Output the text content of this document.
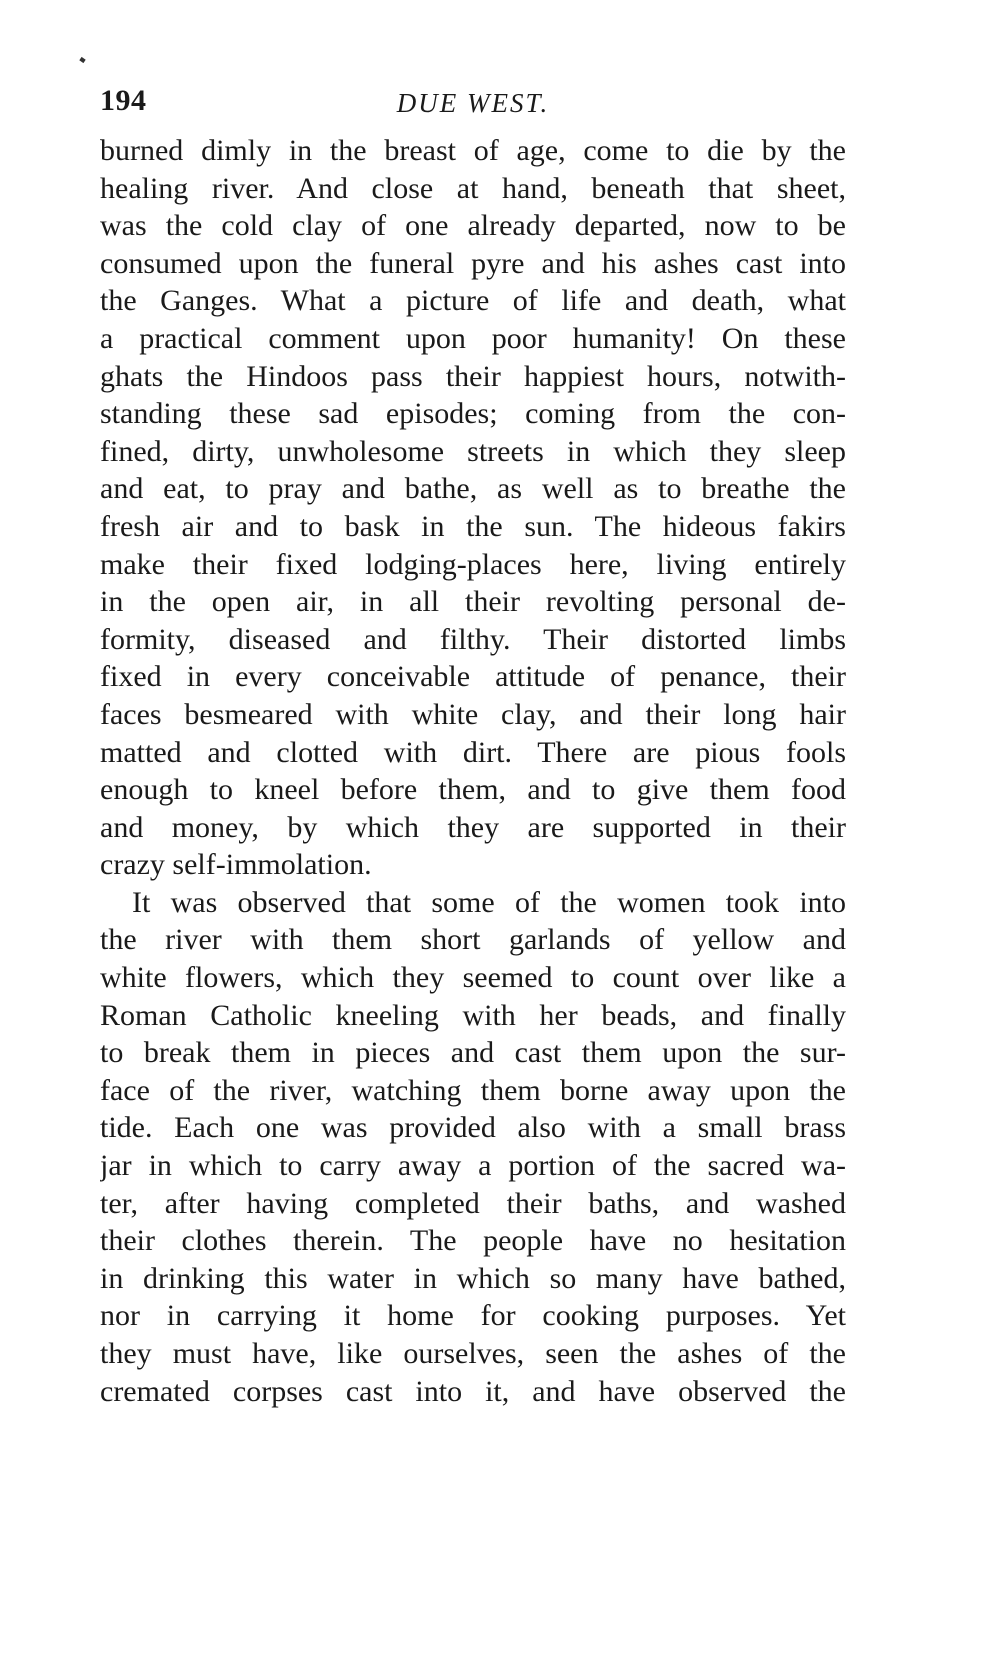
194	DUE WEST.
burned dimly in the breast of age, come to die by the
healing river. And close at hand, beneath that sheet,
was the cold clay of one already departed, now to be
consumed upon the funeral pyre and his ashes cast into
the Ganges. What a picture of life and death, what
a practical comment upon poor humanity! On these
ghats the Hindoos pass their happiest hours, notwith-
standing these sad episodes; coming from the con-
fined, dirty, unwholesome streets in which they sleep
and eat, to pray and bathe, as well as to breathe the
fresh air and to bask in the sun. The hideous fakirs
make their fixed lodging-places here, living entirely
in the open air, in all their revolting personal de-
formity, diseased and filthy. Their distorted limbs
fixed in every conceivable attitude of penance, their
faces besmeared with white clay, and their long hair
matted and clotted with dirt. There are pious fools
enough to kneel before them, and to give them food
and money, by which they are supported in their
crazy self-immolation.
It was observed that some of the women took into
the river with them short garlands of yellow and
white flowers, which they seemed to count over like a
Roman Catholic kneeling with her beads, and finally
to break them in pieces and cast them upon the sur-
face of the river, watching them borne away upon the
tide. Each one was provided also with a small brass
jar in which to carry away a portion of the sacred wa-
ter, after having completed their baths, and washed
their clothes therein. The people have no hesitation
in drinking this water in which so many have bathed,
nor in carrying it home for cooking purposes. Yet
they must have, like ourselves, seen the ashes of the
cremated corpses cast into it, and have observed the
